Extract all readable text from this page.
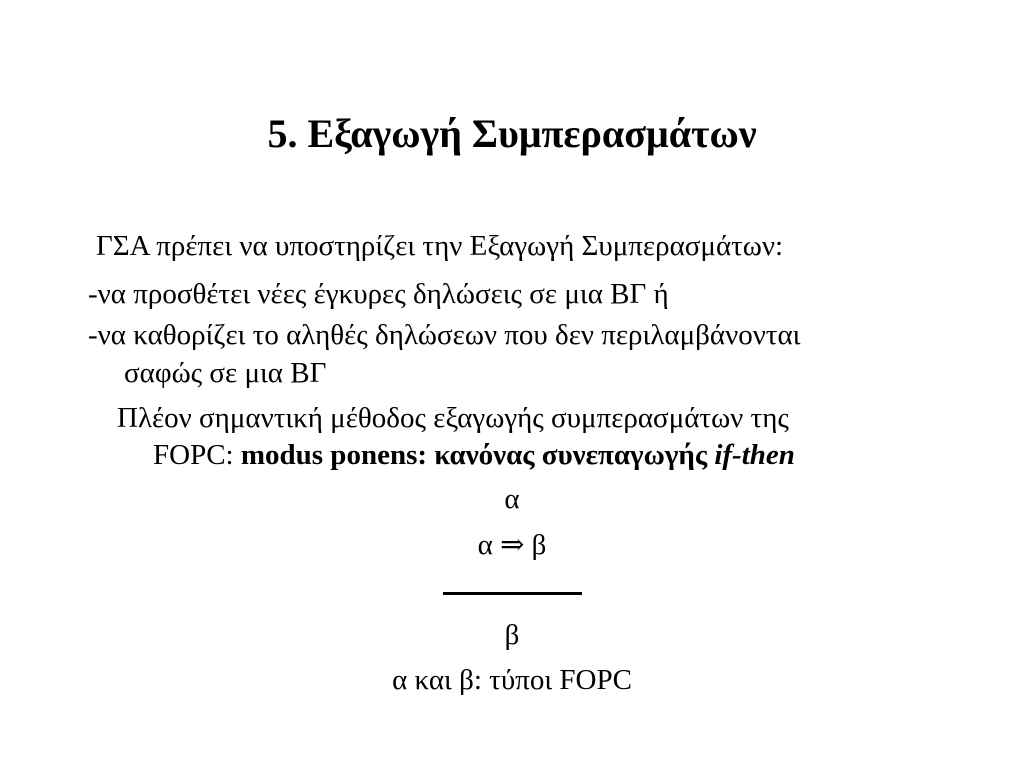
5. Εξαγωγή Συμπερασμάτων
ΓΣΑ πρέπει να υποστηρίζει την Εξαγωγή Συμπερασμάτων:
-να προσθέτει νέες έγκυρες δηλώσεις σε μια ΒΓ ή
-να καθορίζει το αληθές δηλώσεων που δεν περιλαμβάνονται
σαφώς σε μια ΒΓ
Πλέον σημαντική μέθοδος εξαγωγής συμπερασμάτων της
FOPC: modus ponens: κανόνας συνεπαγωγής if-then
α
α ⇒ β
β
α και β: τύποι FOPC
